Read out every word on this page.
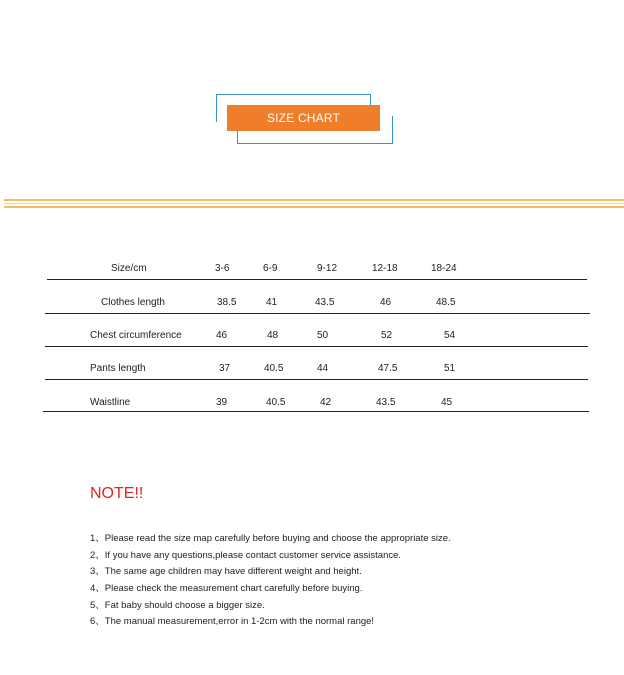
SIZE CHART
Size/cm	3-6	6-9	9-12	12-18	18-24
Clothes length	38.5	41	43.5	46	48.5
Chest circumference	46	48	50	52	54
Pants length	37	40.5	44	47.5	51
Waistline	39	40.5	42	43.5	45
NOTE!!
1、Please read the size map carefully before buying and choose the appropriate size.
2、If you have any questions,please contact customer service assistance.
3、The same age children may have different weight and height.
4、Please check the measurement chart carefully before buying.
5、Fat baby should choose a bigger size.
6、The manual measurement,error in 1-2cm with the normal range!
